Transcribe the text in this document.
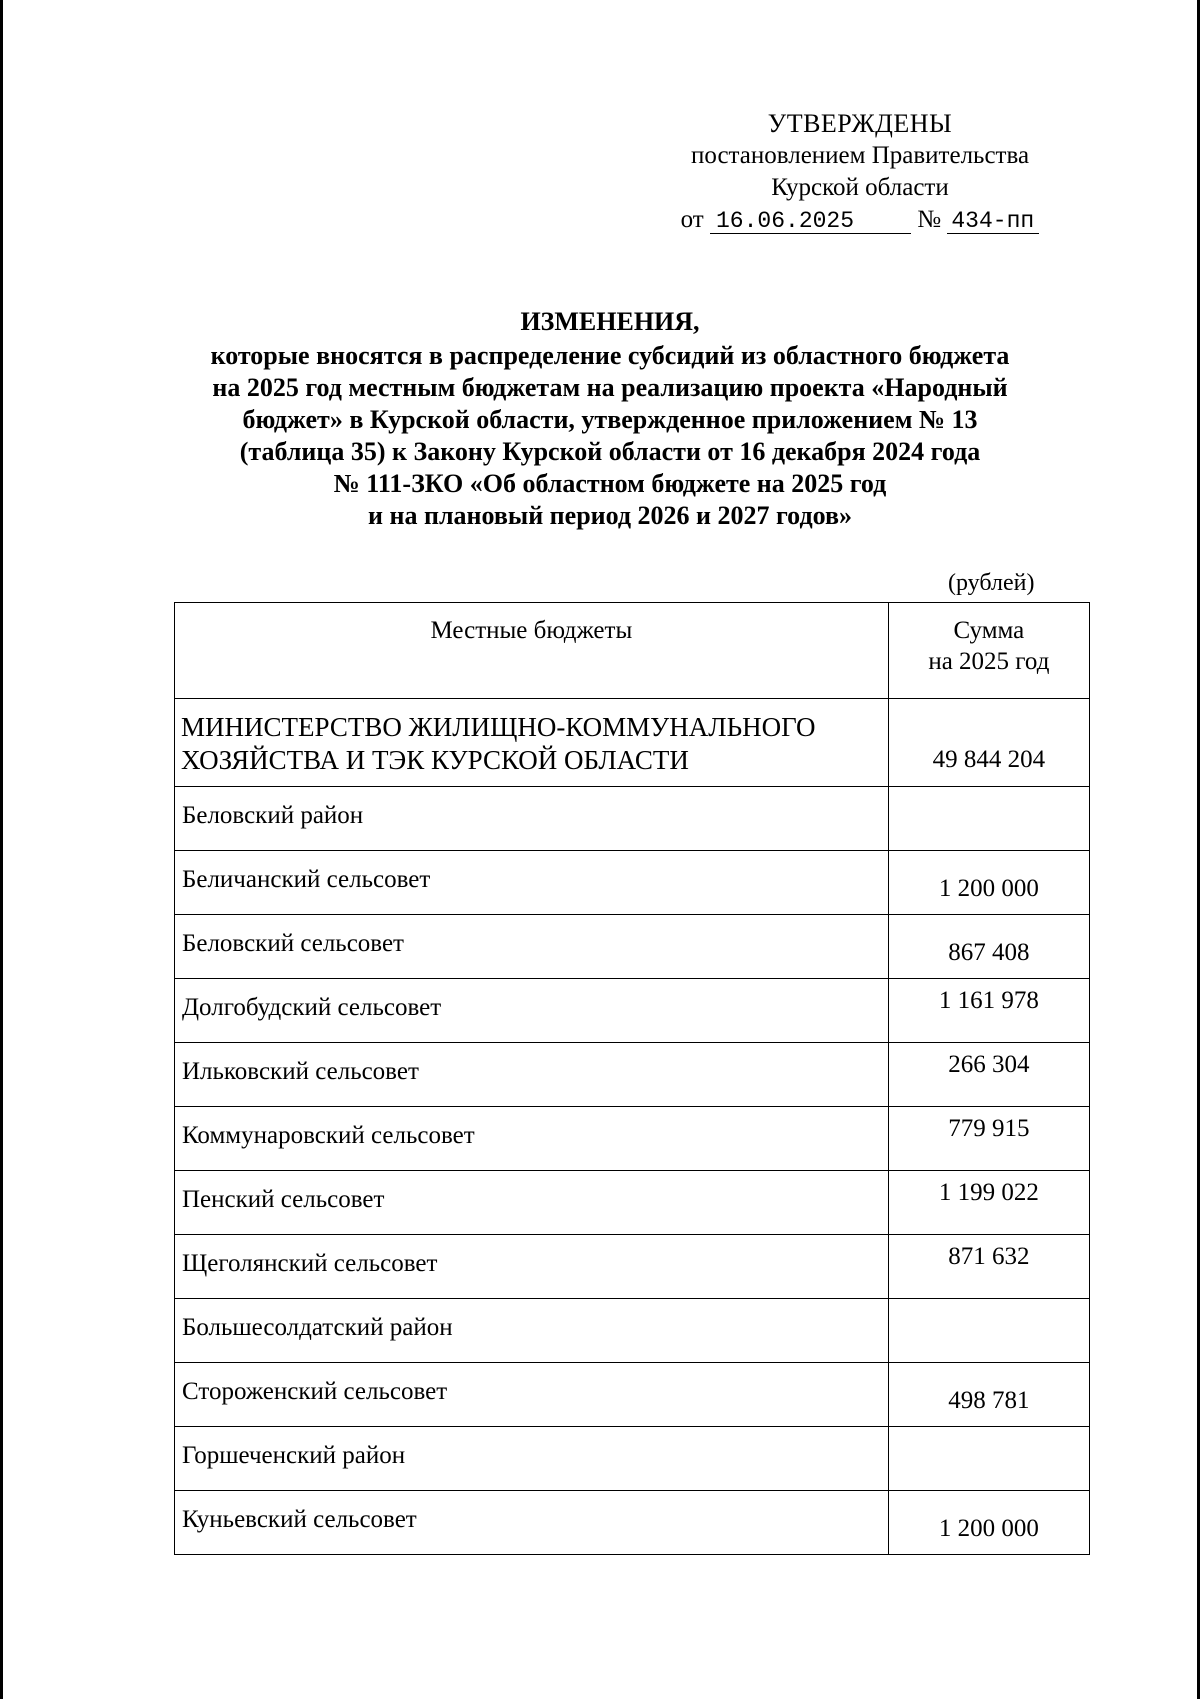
УТВЕРЖДЕНЫ
постановлением Правительства
Курской области
от 16.06.2025	№ 434-пп
ИЗМЕНЕНИЯ,
которые вносятся в распределение субсидий из областного бюджета
на 2025 год местным бюджетам на реализацию проекта «Народный
бюджет» в Курской области, утвержденное приложением № 13
(таблица 35) к Закону Курской области от 16 декабря 2024 года
№ 111-ЗКО «Об областном бюджете на 2025 год
и на плановый период 2026 и 2027 годов»
(рублей)
Местные бюджеты	Сумма
на 2025 год
МИНИСТЕРСТВО ЖИЛИЩНО-КОММУНАЛЬНОГО
ХОЗЯЙСТВА И ТЭК КУРСКОЙ ОБЛАСТИ	49 844 204
Беловский район	
Беличанский сельсовет	1 200 000
Беловский сельсовет	867 408
Долгобудский сельсовет	1 161 978
Ильковский сельсовет	266 304
Коммунаровский сельсовет	779 915
Пенский сельсовет	1 199 022
Щеголянский сельсовет	871 632
Большесолдатский район	
Стороженский сельсовет	498 781
Горшеченский район	
Куньевский сельсовет	1 200 000
